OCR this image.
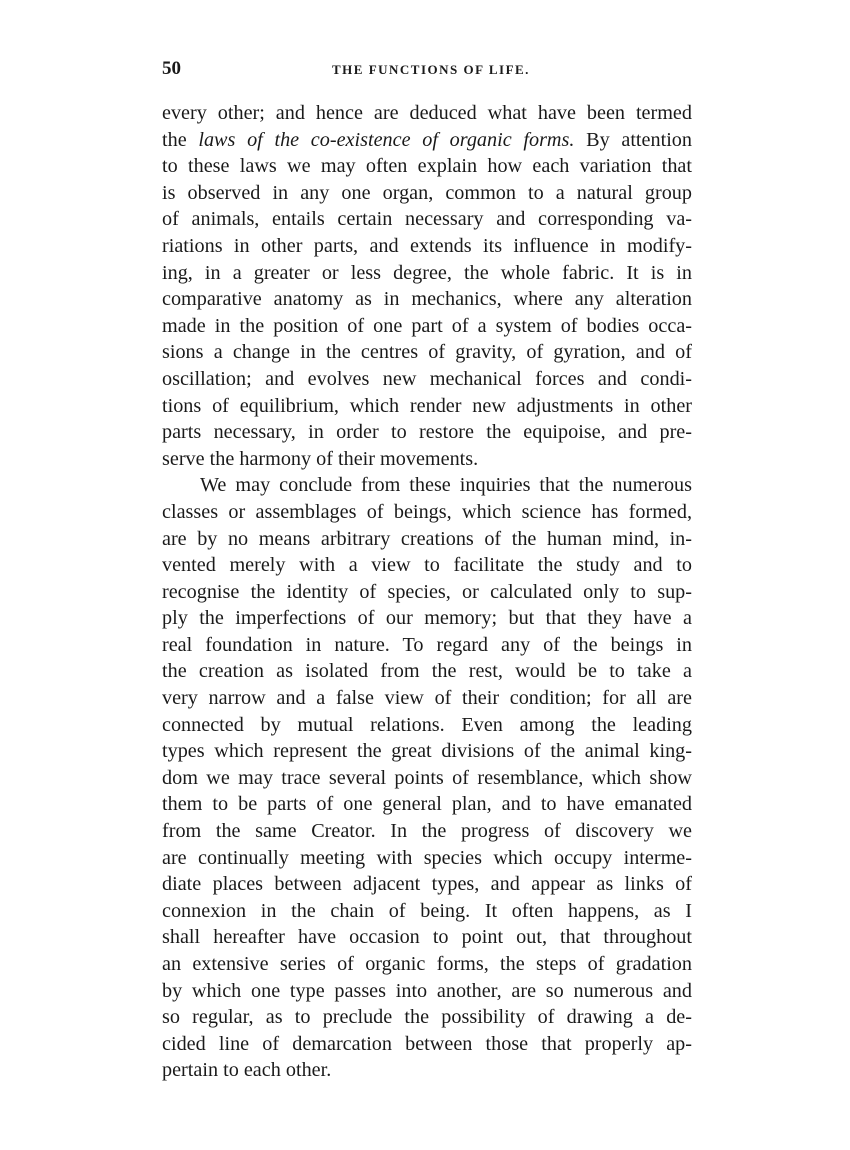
50	THE FUNCTIONS OF LIFE.
every other; and hence are deduced what have been termed
the laws of the co-existence of organic forms. By attention
to these laws we may often explain how each variation that
is observed in any one organ, common to a natural group
of animals, entails certain necessary and corresponding va-
riations in other parts, and extends its influence in modify-
ing, in a greater or less degree, the whole fabric. It is in
comparative anatomy as in mechanics, where any alteration
made in the position of one part of a system of bodies occa-
sions a change in the centres of gravity, of gyration, and of
oscillation; and evolves new mechanical forces and condi-
tions of equilibrium, which render new adjustments in other
parts necessary, in order to restore the equipoise, and pre-
serve the harmony of their movements.
We may conclude from these inquiries that the numerous
classes or assemblages of beings, which science has formed,
are by no means arbitrary creations of the human mind, in-
vented merely with a view to facilitate the study and to
recognise the identity of species, or calculated only to sup-
ply the imperfections of our memory; but that they have a
real foundation in nature. To regard any of the beings in
the creation as isolated from the rest, would be to take a
very narrow and a false view of their condition; for all are
connected by mutual relations. Even among the leading
types which represent the great divisions of the animal king-
dom we may trace several points of resemblance, which show
them to be parts of one general plan, and to have emanated
from the same Creator. In the progress of discovery we
are continually meeting with species which occupy interme-
diate places between adjacent types, and appear as links of
connexion in the chain of being. It often happens, as I
shall hereafter have occasion to point out, that throughout
an extensive series of organic forms, the steps of gradation
by which one type passes into another, are so numerous and
so regular, as to preclude the possibility of drawing a de-
cided line of demarcation between those that properly ap-
pertain to each other.
